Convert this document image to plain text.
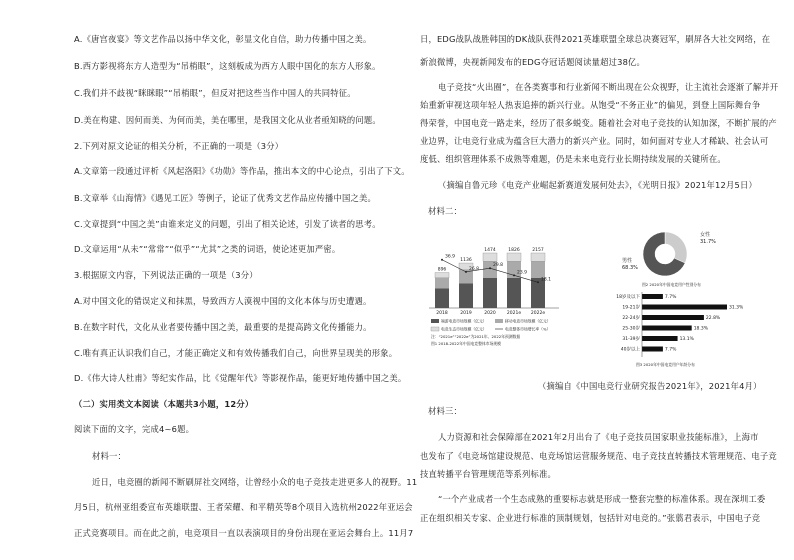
A.《唐宫夜宴》等文艺作品以扬中华文化，彰显文化自信，助力传播中国之美。
B.西方影视将东方人造型为“吊梢眼”，这刻板成为西方人眼中国化的东方人形象。
C.我们并不歧视“眯眯眼”“吊梢眼”，但反对把这些当作中国人的共同特征。
D.美在构建、因何而美、为何而美，美在哪里，是我国文化从业者亟知晓的问题。
2.下列对原文论证的相关分析，不正确的一项是（3分）
A.文章第一段通过评析《风起洛阳》《功勋》等作品，推出本文的中心论点，引出了下文。
B.文章举《山海情》《遇见工匠》等例子，论证了优秀文艺作品应传播中国之美。
C.文章提到“中国之美”由谁来定义的问题，引出了相关论述，引发了读者的思考。
D.文章运用“从未”“常常”“似乎”“尤其”之类的词语，使论述更加严密。
3.根据原文内容，下列说法正确的一项是（3分）
A.对中国文化的错误定义和抹黑，导致西方人漠视中国的文化本体与历史遭遇。
B.在数字时代，文化从业者要传播中国之美，最重要的是提高跨文化传播能力。
C.唯有真正认识我们自己，才能正确定义和有效传播我们自己，向世界呈现美的形象。
D.《伟大诗人杜甫》等纪实作品，比《觉醒年代》等影视作品，能更好地传播中国之美。
（二）实用类文本阅读（本题共3小题，12分）
阅读下面的文字，完成4~6题。
材料一：
近日，电竞圈的新闻不断刷屏社交网络，让曾经小众的电子竞技走进更多人的视野。11
月5日，杭州亚组委宣布英雄联盟、王者荣耀、和平精英等8个项目入选杭州2022年亚运会
正式竞赛项目。而在此之前，电竞项目一直以表演项目的身份出现在亚运会舞台上。11月7
日，EDG战队战胜韩国的DK战队获得2021英雄联盟全球总决赛冠军，刷屏各大社交网络，在
新浪微博，央视新闻发布的EDG夺冠话题阅读量超过38亿。
电子竞技“火出圈”，在各类赛事和行业新闻不断出现在公众视野，让主流社会逐渐了解并开
始重新审视这项年轻人热衷追捧的新兴行业。从饱受“不务正业”的偏见，到登上国际舞台争
得荣誉，中国电竞一路走来，经历了很多蜕变。随着社会对电子竞技的认知加深，不断扩展的产
业边界，让电竞行业成为蕴含巨大潜力的新兴产业。同时，如何面对专业人才稀缺、社会认可
度低、组织管理体系不成熟等难题，仍是未来电竞行业长期持续发展的关键所在。
（摘编自鲁元珍《电竞产业崛起新赛道发展何处去》，《光明日报》2021年12月5日）
材料二：
（摘编自《中国电竞行业研究报告2021年》，2021年4月）
材料三：
人力资源和社会保障部在2021年2月出台了《电子竞技员国家职业技能标准》，上海市
也发布了《电竞场馆建设规范、电竞场馆运营服务规范、电子竞技直转播技术管理规范、电子竞
技直转播平台管理规范等系列标准。
“一个产业成者一个生态成熟的重要标志就是形成一整套完整的标准体系。现在深圳工委
正在组织相关专家、企业进行标准的顶制规划，包括针对电竞的。”张翦君表示，中国电子竞
896
2018
36.9
1136
2019
26.8
1474
2020
29.8
1826
2021e
23.9
2157
2022e
18.1
端游电竞市场规模（亿元）	移动电竞市场规模（亿元）
电竞生态市场规模（亿元）	电竞整体市场增长率（%）
注：“2021e”“2022e”为2021年、2022年预测数据
图1 2018-2022年中国电竞整体市场规模
女性
31.7%
男性
68.3%
图2 2020年中国电竞用户性别分布
18岁及以下	7.7%
19-21岁	31.3%
22-24岁	22.8%
25-30岁	18.3%
31-39岁	13.1%
40岁以上	7.7%
图3 2020年中国电竞用户年龄分布
